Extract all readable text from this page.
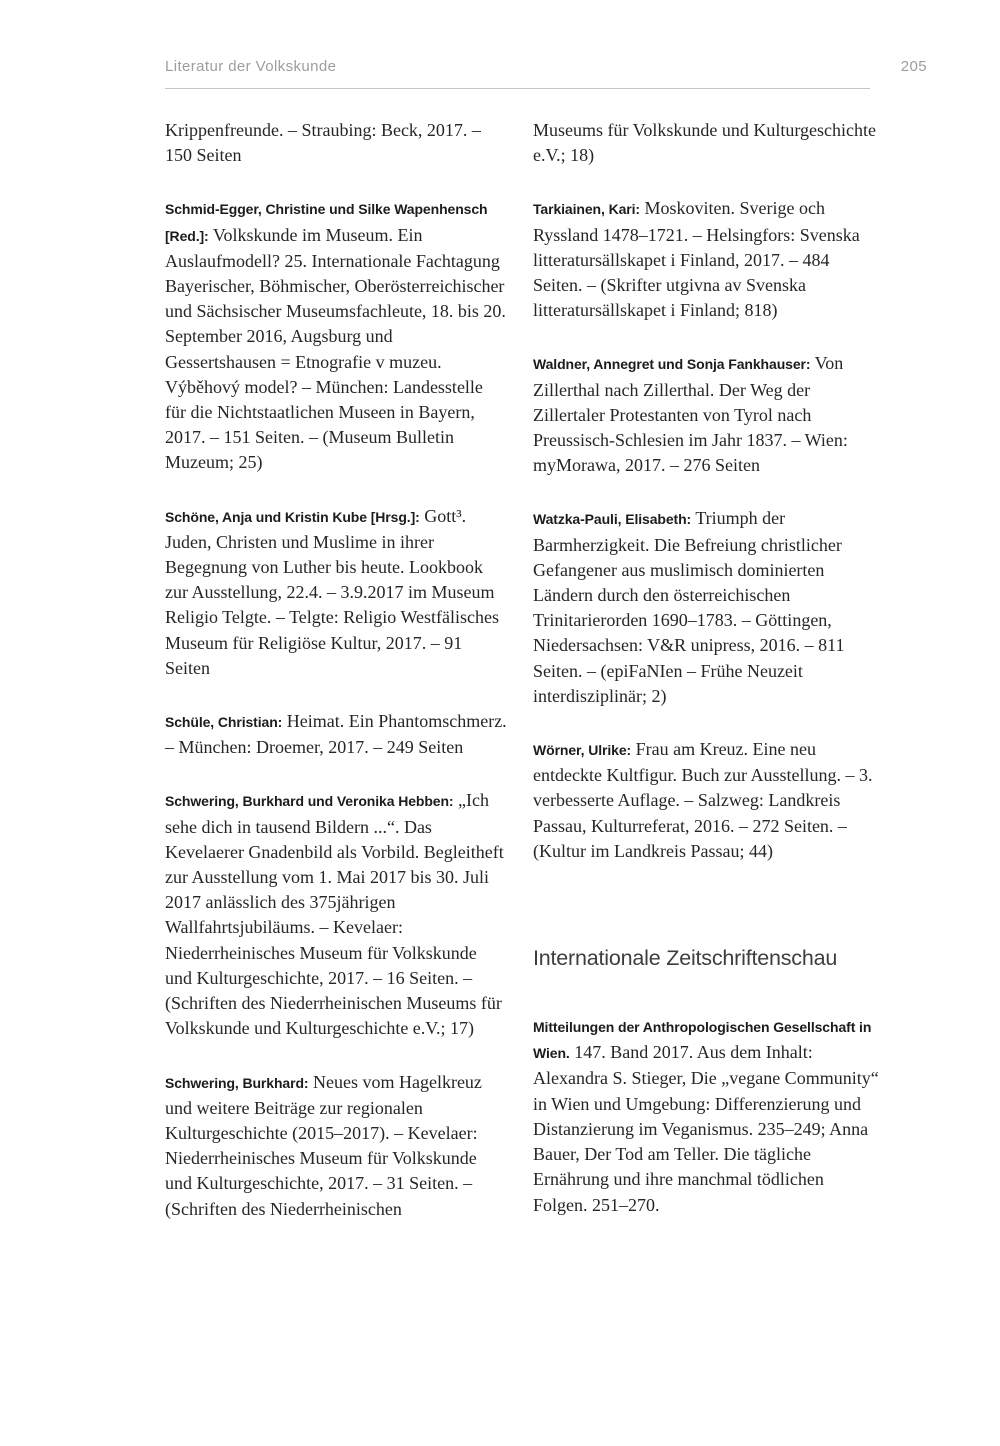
Literatur der Volkskunde	205

Krippenfreunde. – Straubing: Beck, 2017. – 150 Seiten

Schmid-Egger, Christine und Silke Wapenhensch [Red.]: Volkskunde im Museum. Ein Auslaufmodell? 25. Internationale Fachtagung Bayerischer, Böhmischer, Oberösterreichischer und Sächsischer Museumsfachleute, 18. bis 20. September 2016, Augsburg und Gessertshausen = Etnografie v muzeu. Výběhový model? – München: Landesstelle für die Nichtstaatlichen Museen in Bayern, 2017. – 151 Seiten. – (Museum Bulletin Muzeum; 25)

Schöne, Anja und Kristin Kube [Hrsg.]: Gott³. Juden, Christen und Muslime in ihrer Begegnung von Luther bis heute. Lookbook zur Ausstellung, 22.4. – 3.9.2017 im Museum Religio Telgte. – Telgte: Religio Westfälisches Museum für Religiöse Kultur, 2017. – 91 Seiten

Schüle, Christian: Heimat. Ein Phantomschmerz. – München: Droemer, 2017. – 249 Seiten

Schwering, Burkhard und Veronika Hebben: „Ich sehe dich in tausend Bildern ...“. Das Kevelaerer Gnadenbild als Vorbild. Begleitheft zur Ausstellung vom 1. Mai 2017 bis 30. Juli 2017 anlässlich des 375jährigen Wallfahrtsjubiläums. – Kevelaer: Niederrheinisches Museum für Volkskunde und Kulturgeschichte, 2017. – 16 Seiten. – (Schriften des Niederrheinischen Museums für Volkskunde und Kulturgeschichte e.V.; 17)

Schwering, Burkhard: Neues vom Hagelkreuz und weitere Beiträge zur regionalen Kulturgeschichte (2015–2017). – Kevelaer: Niederrheinisches Museum für Volkskunde und Kulturgeschichte, 2017. – 31 Seiten. – (Schriften des Niederrheinischen

Museums für Volkskunde und Kulturgeschichte e.V.; 18)

Tarkiainen, Kari: Moskoviten. Sverige och Ryssland 1478–1721. – Helsingfors: Svenska litteratursällskapet i Finland, 2017. – 484 Seiten. – (Skrifter utgivna av Svenska litteratursällskapet i Finland; 818)

Waldner, Annegret und Sonja Fankhauser: Von Zillerthal nach Zillerthal. Der Weg der Zillertaler Protestanten von Tyrol nach Preussisch-Schlesien im Jahr 1837. – Wien: myMorawa, 2017. – 276 Seiten

Watzka-Pauli, Elisabeth: Triumph der Barmherzigkeit. Die Befreiung christlicher Gefangener aus muslimisch dominierten Ländern durch den österreichischen Trinitarierorden 1690–1783. – Göttingen, Niedersachsen: V&R unipress, 2016. – 811 Seiten. – (epiFaNIen – Frühe Neuzeit interdisziplinär; 2)

Wörner, Ulrike: Frau am Kreuz. Eine neu entdeckte Kultfigur. Buch zur Ausstellung. – 3. verbesserte Auflage. – Salzweg: Landkreis Passau, Kulturreferat, 2016. – 272 Seiten. – (Kultur im Landkreis Passau; 44)

Internationale Zeitschriftenschau

Mitteilungen der Anthropologischen Gesellschaft in Wien. 147. Band 2017. Aus dem Inhalt: Alexandra S. Stieger, Die „vegane Community“ in Wien und Umgebung: Differenzierung und Distanzierung im Veganismus. 235–249; Anna Bauer, Der Tod am Teller. Die tägliche Ernährung und ihre manchmal tödlichen Folgen. 251–270.
